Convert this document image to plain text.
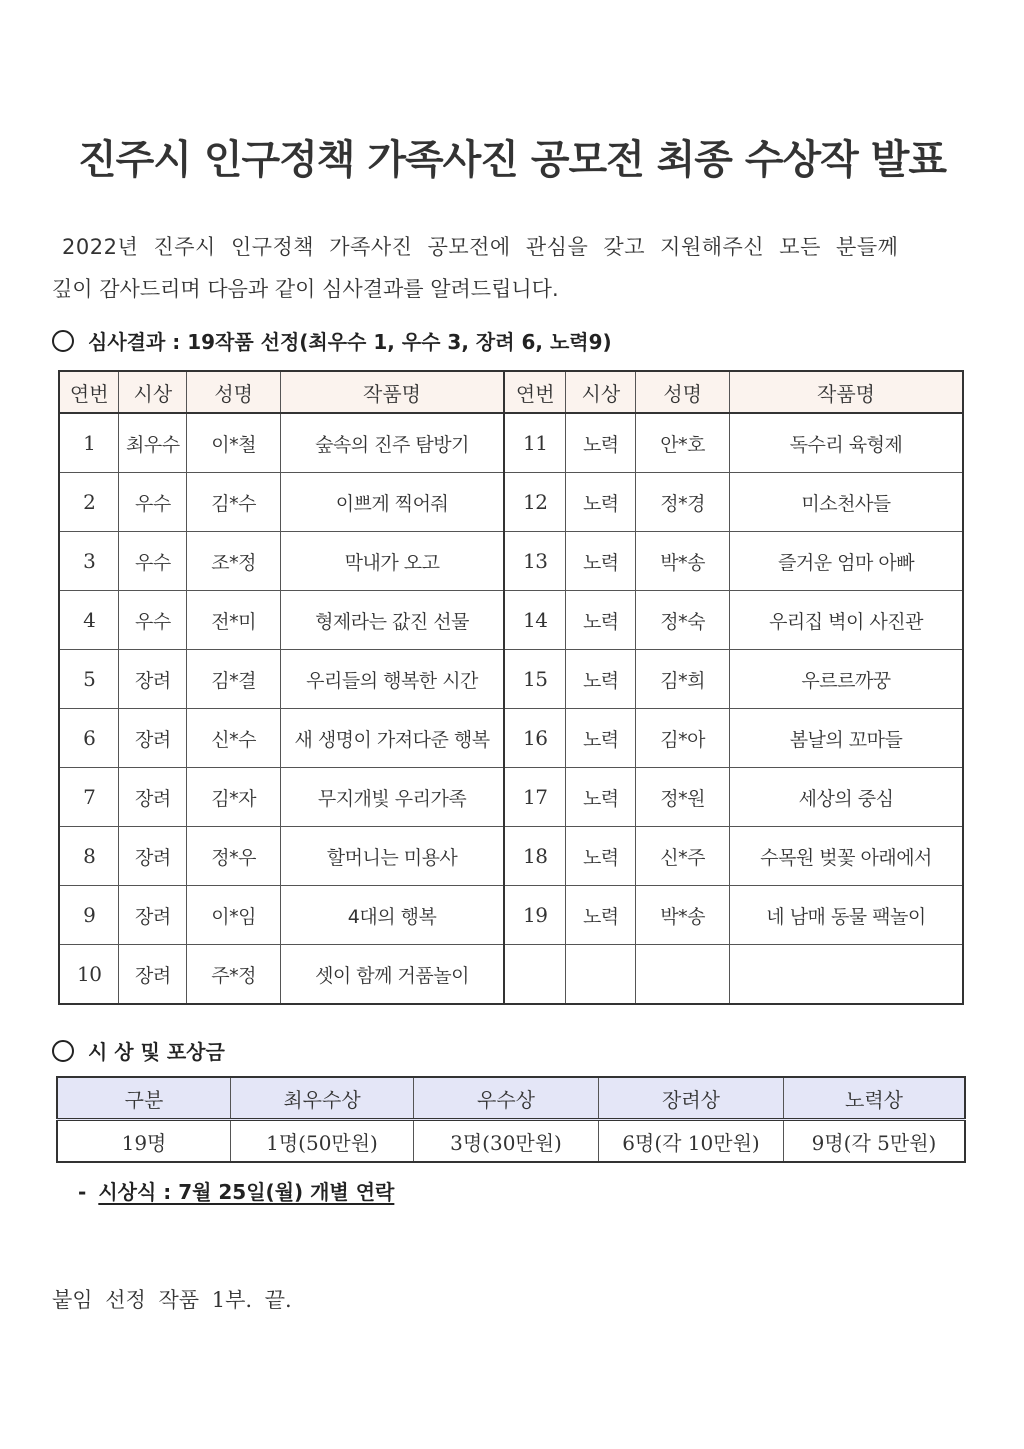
진주시 인구정책 가족사진 공모전 최종 수상작 발표

2022년 진주시 인구정책 가족사진 공모전에 관심을 갖고 지원해주신 모든 분들께

깊이 감사드리며 다음과 같이 심사결과를 알려드립니다.

심사결과 : 19작품 선정(최우수 1, 우수 3, 장려 6, 노력9)
연번	시상	성명	작품명	연번	시상	성명	작품명
1	최우수	이*철	숲속의 진주 탐방기	11	노력	안*호	독수리 육형제
2	우수	김*수	이쁘게 찍어줘	12	노력	정*경	미소천사들
3	우수	조*정	막내가 오고	13	노력	박*송	즐거운 엄마 아빠
4	우수	전*미	형제라는 값진 선물	14	노력	정*숙	우리집 벽이 사진관
5	장려	김*결	우리들의 행복한 시간	15	노력	김*희	우르르까꿍
6	장려	신*수	새 생명이 가져다준 행복	16	노력	김*아	봄날의 꼬마들
7	장려	김*자	무지개빛 우리가족	17	노력	정*원	세상의 중심
8	장려	정*우	할머니는 미용사	18	노력	신*주	수목원 벚꽃 아래에서
9	장려	이*임	4대의 행복	19	노력	박*송	네 남매 동물 팩놀이
10	장려	주*정	셋이 함께 거품놀이				
시 상 및 포상금
구분	최우수상	우수상	장려상	노력상
19명	1명(50만원)	3명(30만원)	6명(각 10만원)	9명(각 5만원)
- 시상식 : 7월 25일(월) 개별 연락
붙임 선정 작품 1부. 끝.
